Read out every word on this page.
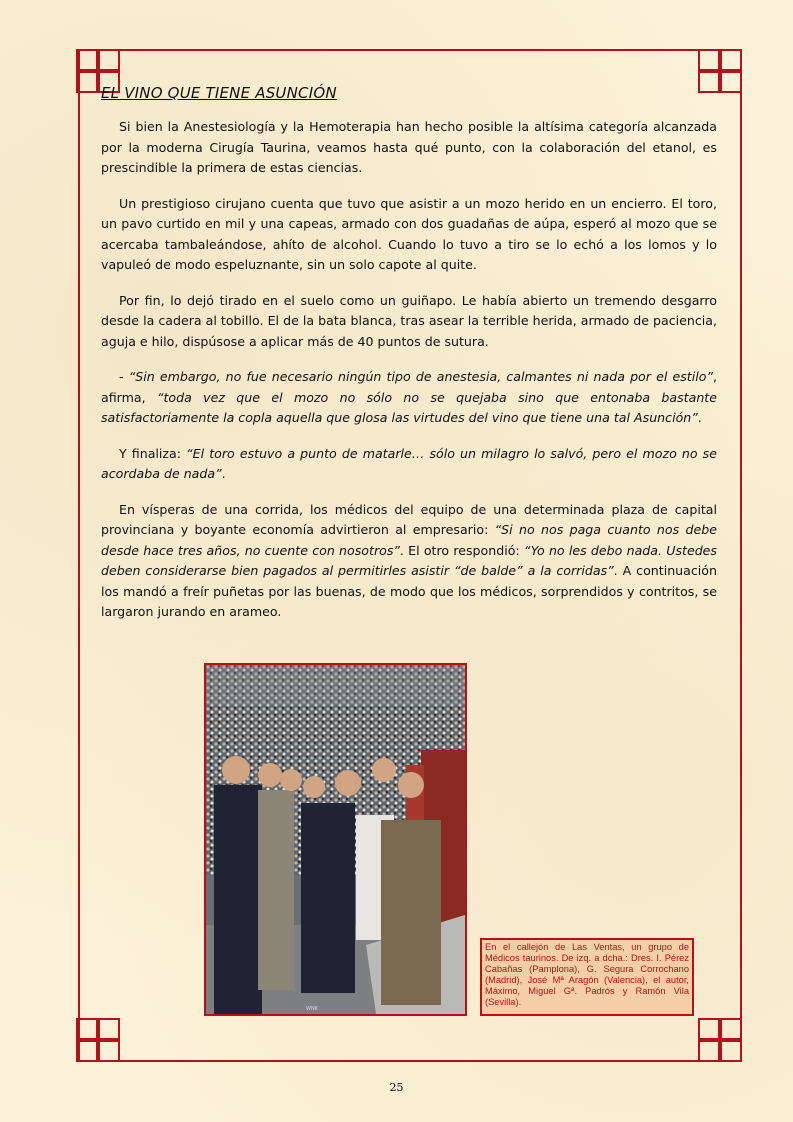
EL VINO QUE TIENE ASUNCIÓN

Si bien la Anestesiología y la Hemoterapia han hecho posible la altísima categoría alcanzada por la moderna Cirugía Taurina, veamos hasta qué punto, con la colaboración del etanol, es prescindible la primera de estas ciencias.

Un prestigioso cirujano cuenta que tuvo que asistir a un mozo herido en un encierro. El toro, un pavo curtido en mil y una capeas, armado con dos guadañas de aúpa, esperó al mozo que se acercaba tambaleándose, ahíto de alcohol. Cuando lo tuvo a tiro se lo echó a los lomos y lo vapuleó de modo espeluznante, sin un solo capote al quite.

Por fin, lo dejó tirado en el suelo como un guiñapo. Le había abierto un tremendo desgarro desde la cadera al tobillo. El de la bata blanca, tras asear la terrible herida, armado de paciencia, aguja e hilo, dispúsose a aplicar más de 40 puntos de sutura.

- “Sin embargo, no fue necesario ningún tipo de anestesia, calmantes ni nada por el estilo”, afirma, “toda vez que el mozo no sólo no se quejaba sino que entonaba bastante satisfactoriamente la copla aquella que glosa las virtudes del vino que tiene una tal Asunción”.

Y finaliza: “El toro estuvo a punto de matarle… sólo un milagro lo salvó, pero el mozo no se acordaba de nada”.

En vísperas de una corrida, los médicos del equipo de una determinada plaza de capital provinciana y boyante economía advirtieron al empresario: “Si no nos paga cuanto nos debe desde hace tres años, no cuente con nosotros”. El otro respondió: “Yo no les debo nada. Ustedes deben considerarse bien pagados al permitirles asistir “de balde” a la corridas”. A continuación los mandó a freír puñetas por las buenas, de modo que los médicos, sorprendidos y contritos, se largaron jurando en arameo.

WNK
En el callejón de Las Ventas, un grupo de Médicos taurinos. De izq. a dcha.: Dres. I. Pérez Cabañas (Pamplona), G. Segura Corrochano (Madrid), José Mª Aragón (Valencia), el autor, Máximo, Miguel Gª. Padrós y Ramón Vila (Sevilla).
25
